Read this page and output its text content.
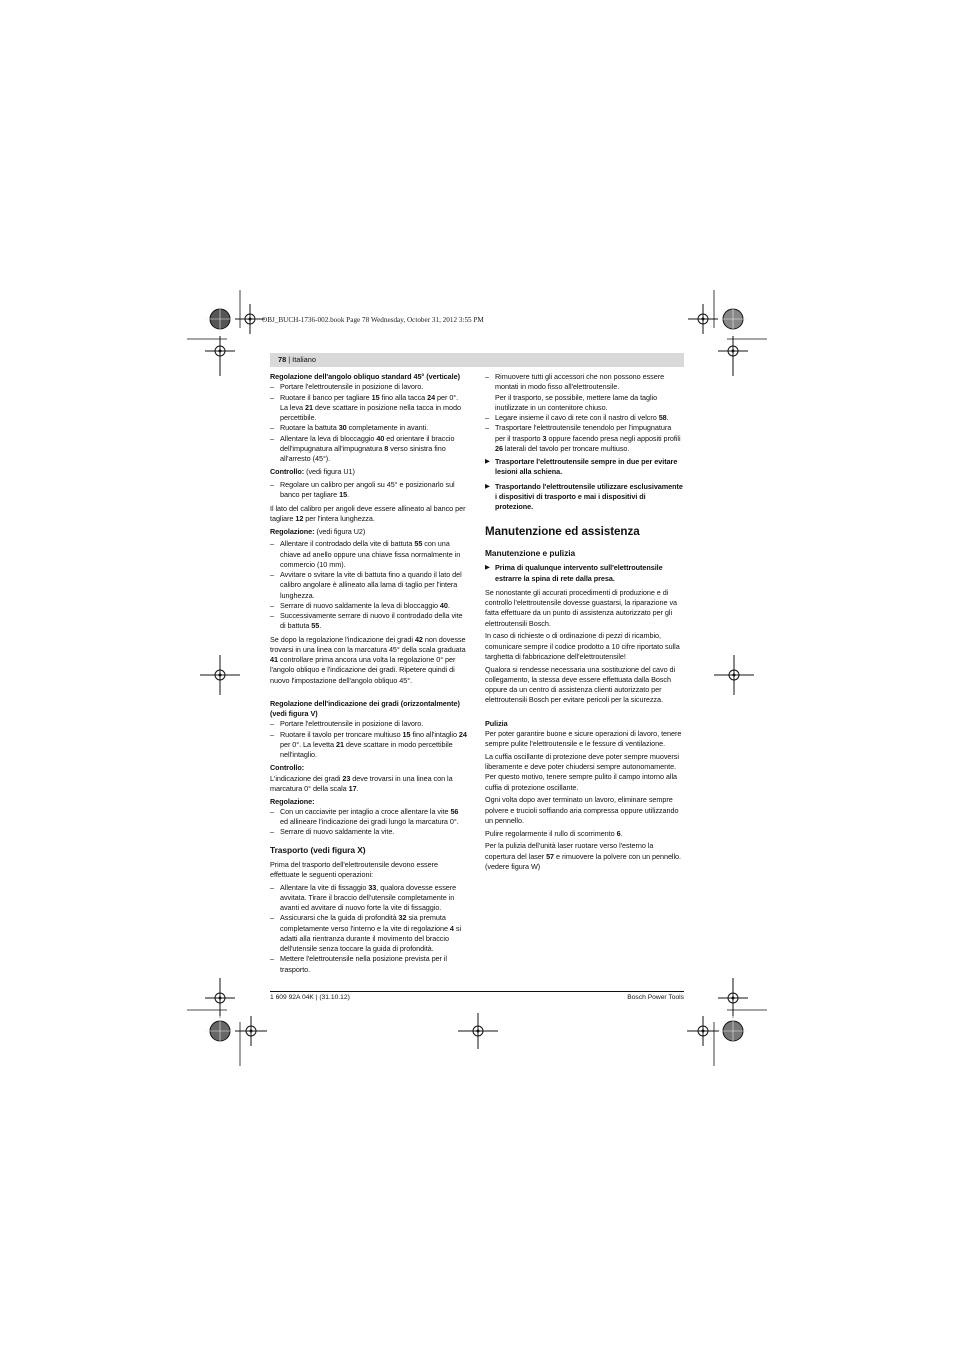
OBJ_BUCH-1736-002.book Page 78 Wednesday, October 31, 2012 3:55 PM
78 | Italiano

Regolazione dell'angolo obliquo standard 45° (verticale)

– Portare l'elettroutensile in posizione di lavoro.
– Ruotare il banco per tagliare 15 fino alla tacca 24 per 0°. La leva 21 deve scattare in posizione nella tacca in modo percettibile.
– Ruotare la battuta 30 completamente in avanti.
– Allentare la leva di bloccaggio 40 ed orientare il braccio dell'impugnatura all'impugnatura 8 verso sinistra fino all'arresto (45°).

Controllo: (vedi figura U1)

– Regolare un calibro per angoli su 45° e posizionarlo sul banco per tagliare 15.

Il lato del calibro per angoli deve essere allineato al banco per tagliare 12 per l'intera lunghezza.

Regolazione: (vedi figura U2)

– Allentare il controdado della vite di battuta 55 con una chiave ad anello oppure una chiave fissa normalmente in commercio (10 mm).
– Avvitare o svitare la vite di battuta fino a quando il lato del calibro angolare è allineato alla lama di taglio per l'intera lunghezza.
– Serrare di nuovo saldamente la leva di bloccaggio 40.
– Successivamente serrare di nuovo il controdado della vite di battuta 55.

Se dopo la regolazione l'indicazione dei gradi 42 non dovesse trovarsi in una linea con la marcatura 45° della scala graduata 41 controllare prima ancora una volta la regolazione 0° per l'angolo obliquo e l'indicazione dei gradi. Ripetere quindi di nuovo l'impostazione dell'angolo obliquo 45°.

Regolazione dell'indicazione dei gradi (orizzontalmente) (vedi figura V)

– Portare l'elettroutensile in posizione di lavoro.
– Ruotare il tavolo per troncare multiuso 15 fino all'intaglio 24 per 0°. La levetta 21 deve scattare in modo percettibile nell'intaglio.

Controllo:

L'indicazione dei gradi 23 deve trovarsi in una linea con la marcatura 0° della scala 17.

Regolazione:

– Con un cacciavite per intaglio a croce allentare la vite 56 ed allineare l'indicazione dei gradi lungo la marcatura 0°.
– Serrare di nuovo saldamente la vite.

Trasporto (vedi figura X)

Prima del trasporto dell'elettroutensile devono essere effettuate le seguenti operazioni:

– Allentare la vite di fissaggio 33, qualora dovesse essere avvitata. Tirare il braccio dell'utensile completamente in avanti ed avvitare di nuovo forte la vite di fissaggio.
– Assicurarsi che la guida di profondità 32 sia premuta completamente verso l'interno e la vite di regolazione 4 si adatti alla rientranza durante il movimento del braccio dell'utensile senza toccare la guida di profondità.
– Mettere l'elettroutensile nella posizione prevista per il trasporto.
– Rimuovere tutti gli accessori che non possono essere montati in modo fisso all'elettroutensile.
Per il trasporto, se possibile, mettere lame da taglio inutilizzate in un contenitore chiuso.
– Legare insieme il cavo di rete con il nastro di velcro 58.
– Trasportare l'elettroutensile tenendolo per l'impugnatura per il trasporto 3 oppure facendo presa negli appositi profili 26 laterali del tavolo per troncare multiuso.
▶ Trasportare l'elettroutensile sempre in due per evitare lesioni alla schiena.
▶ Trasportando l'elettroutensile utilizzare esclusivamente i dispositivi di trasporto e mai i dispositivi di protezione.

Manutenzione ed assistenza

Manutenzione e pulizia

▶ Prima di qualunque intervento sull'elettroutensile estrarre la spina di rete dalla presa.

Se nonostante gli accurati procedimenti di produzione e di controllo l'elettroutensile dovesse guastarsi, la riparazione va fatta effettuare da un punto di assistenza autorizzato per gli elettroutensili Bosch.

In caso di richieste o di ordinazione di pezzi di ricambio, comunicare sempre il codice prodotto a 10 cifre riportato sulla targhetta di fabbricazione dell'elettroutensile!

Qualora si rendesse necessaria una sostituzione del cavo di collegamento, la stessa deve essere effettuata dalla Bosch oppure da un centro di assistenza clienti autorizzato per elettroutensili Bosch per evitare pericoli per la sicurezza.

Pulizia

Per poter garantire buone e sicure operazioni di lavoro, tenere sempre pulite l'elettroutensile e le fessure di ventilazione.

La cuffia oscillante di protezione deve poter sempre muoversi liberamente e deve poter chiudersi sempre autonomamente. Per questo motivo, tenere sempre pulito il campo intorno alla cuffia di protezione oscillante.

Ogni volta dopo aver terminato un lavoro, eliminare sempre polvere e trucioli soffiando aria compressa oppure utilizzando un pennello.

Pulire regolarmente il rullo di scorrimento 6.

Per la pulizia dell'unità laser ruotare verso l'esterno la copertura del laser 57 e rimuovere la polvere con un pennello. (vedere figura W)

1 609 92A 04K | (31.10.12)	Bosch Power Tools
